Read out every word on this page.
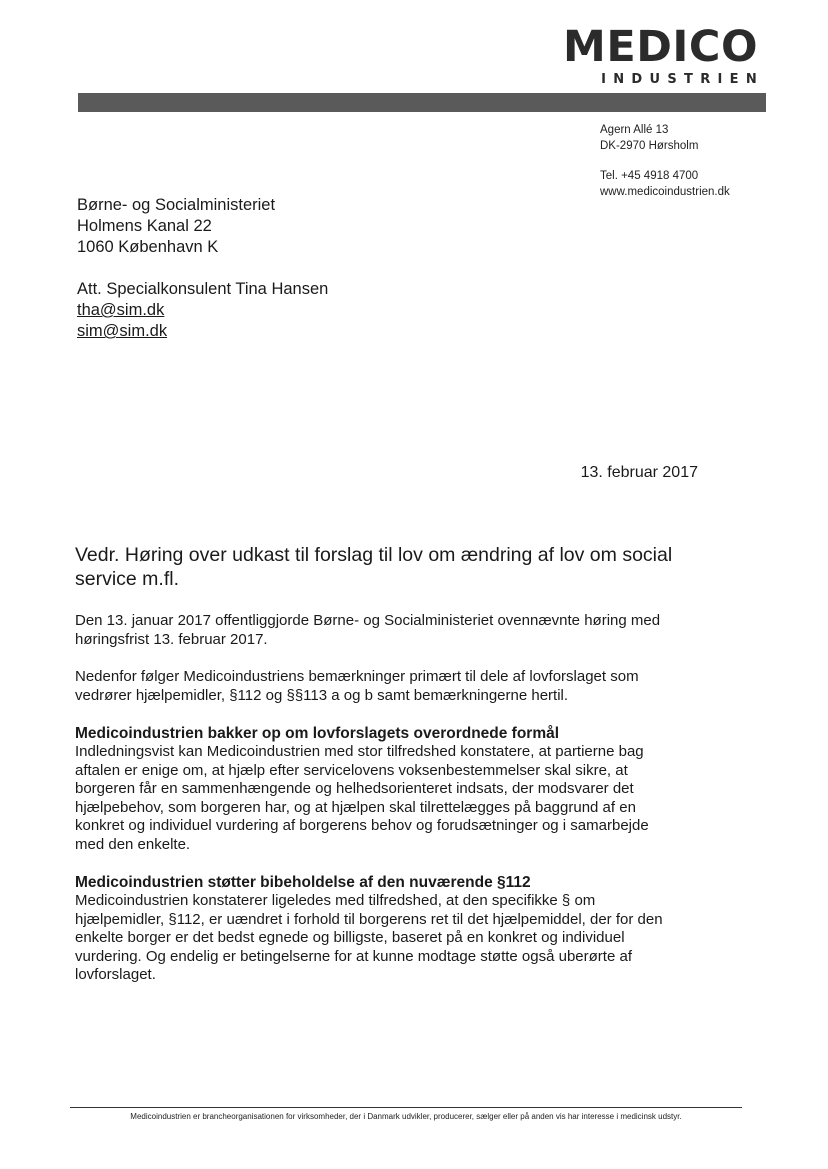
MEDICO
INDUSTRIEN
Agern Allé 13
DK-2970 Hørsholm
Tel. +45 4918 4700
www.medicoindustrien.dk
Børne- og Socialministeriet
Holmens Kanal 22
1060 København K
Att. Specialkonsulent Tina Hansen
tha@sim.dk
sim@sim.dk
13. februar 2017
Vedr. Høring over udkast til forslag til lov om ændring af lov om social service m.fl.

Den 13. januar 2017 offentliggjorde Børne- og Socialministeriet ovennævnte høring med høringsfrist 13. februar 2017.

Nedenfor følger Medicoindustriens bemærkninger primært til dele af lovforslaget som vedrører hjælpemidler, §112 og §§113 a og b samt bemærkningerne hertil.

Medicoindustrien bakker op om lovforslagets overordnede formål
Indledningsvist kan Medicoindustrien med stor tilfredshed konstatere, at partierne bag aftalen er enige om, at hjælp efter servicelovens voksenbestemmelser skal sikre, at borgeren får en sammenhængende og helhedsorienteret indsats, der modsvarer det hjælpebehov, som borgeren har, og at hjælpen skal tilrettelægges på baggrund af en konkret og individuel vurdering af borgerens behov og forudsætninger og i samarbejde med den enkelte.
Medicoindustrien støtter bibeholdelse af den nuværende §112
Medicoindustrien konstaterer ligeledes med tilfredshed, at den specifikke § om hjælpemidler, §112, er uændret i forhold til borgerens ret til det hjælpemiddel, der for den enkelte borger er det bedst egnede og billigste, baseret på en konkret og individuel vurdering. Og endelig er betingelserne for at kunne modtage støtte også uberørte af lovforslaget.
Medicoindustrien er brancheorganisationen for virksomheder, der i Danmark udvikler, producerer, sælger eller på anden vis har interesse i medicinsk udstyr.
